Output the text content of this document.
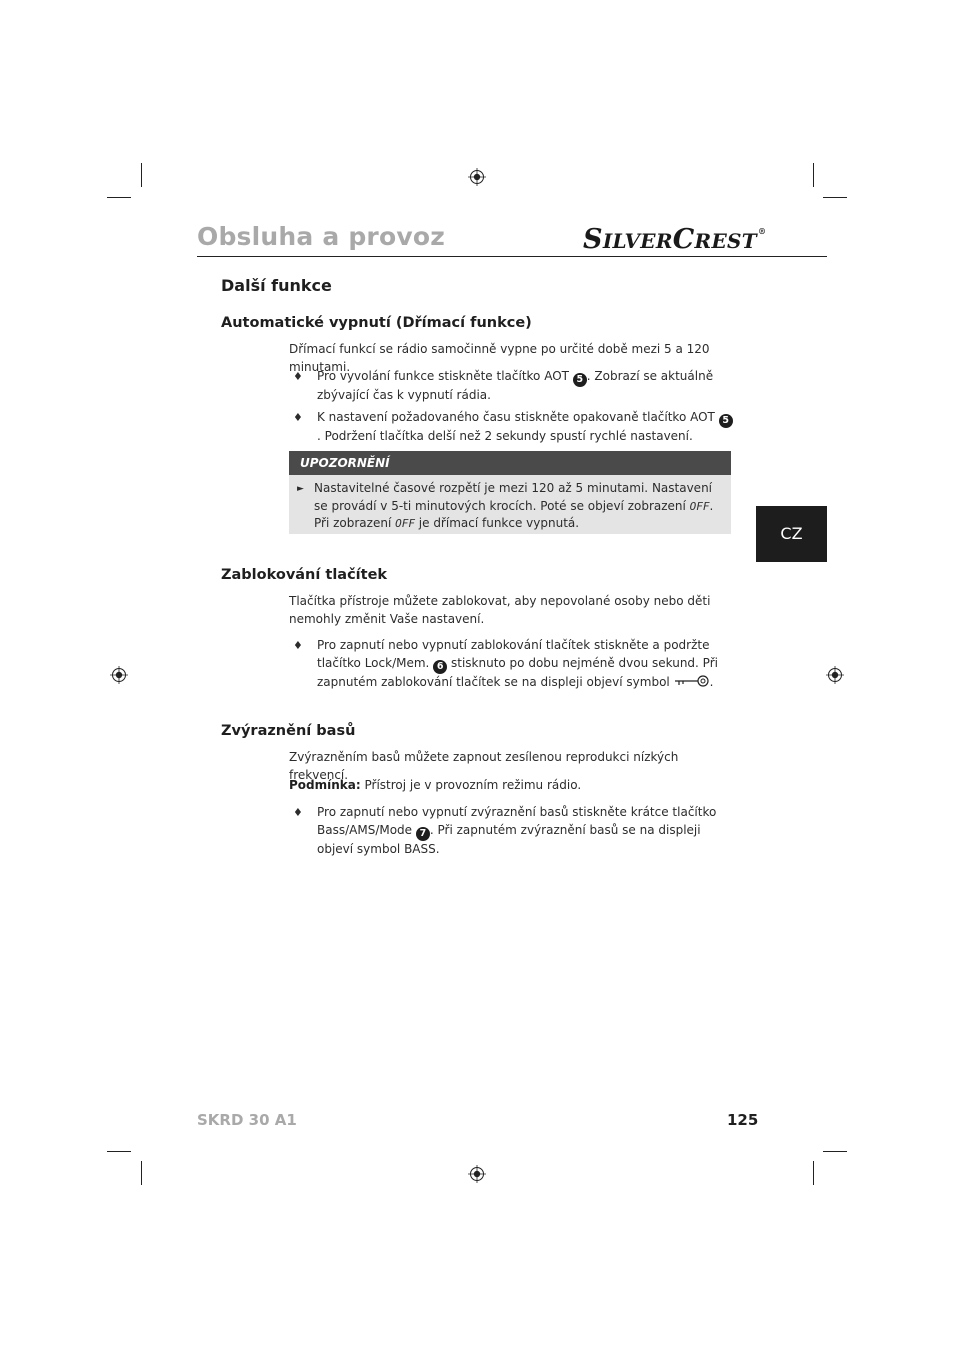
Obsluha a provoz	SILVERCREST®
Další funkce
Automatické vypnutí (Dřímací funkce)
Dřímací funkcí se rádio samočinně vypne po určité době mezi 5 a 120 minutami.
♦ Pro vyvolání funkce stiskněte tlačítko AOT 5 . Zobrazí se aktuálně zbývající čas k vypnutí rádia.
♦ K nastavení požadovaného času stiskněte opakovaně tlačítko AOT 5. Podržení tlačítka delší než 2 sekundy spustí rychlé nastavení.
UPOZORNĚNÍ
► Nastavitelné časové rozpětí je mezi 120 až 5 minutami. Nastavení se provádí v 5-ti minutových krocích. Poté se objeví zobrazení OFF. Při zobrazení OFF je dřímací funkce vypnutá.
CZ
Zablokování tlačítek
Tlačítka přístroje můžete zablokovat, aby nepovolané osoby nebo děti nemohly změnit Vaše nastavení.
♦ Pro zapnutí nebo vypnutí zablokování tlačítek stiskněte a podržte tlačítko Lock/Mem. 6 stisknuto po dobu nejméně dvou sekund. Při zapnutém zablokování tlačítek se na displeji objeví symbol	.
Zvýraznění basů
Zvýrazněním basů můžete zapnout zesílenou reprodukci nízkých frekvencí.
Podmínka: Přístroj je v provozním režimu rádio.
♦ Pro zapnutí nebo vypnutí zvýraznění basů stiskněte krátce tlačítko Bass/AMS/Mode 7 . Při zapnutém zvýraznění basů se na displeji objeví symbol BASS.
SKRD 30 A1	125
